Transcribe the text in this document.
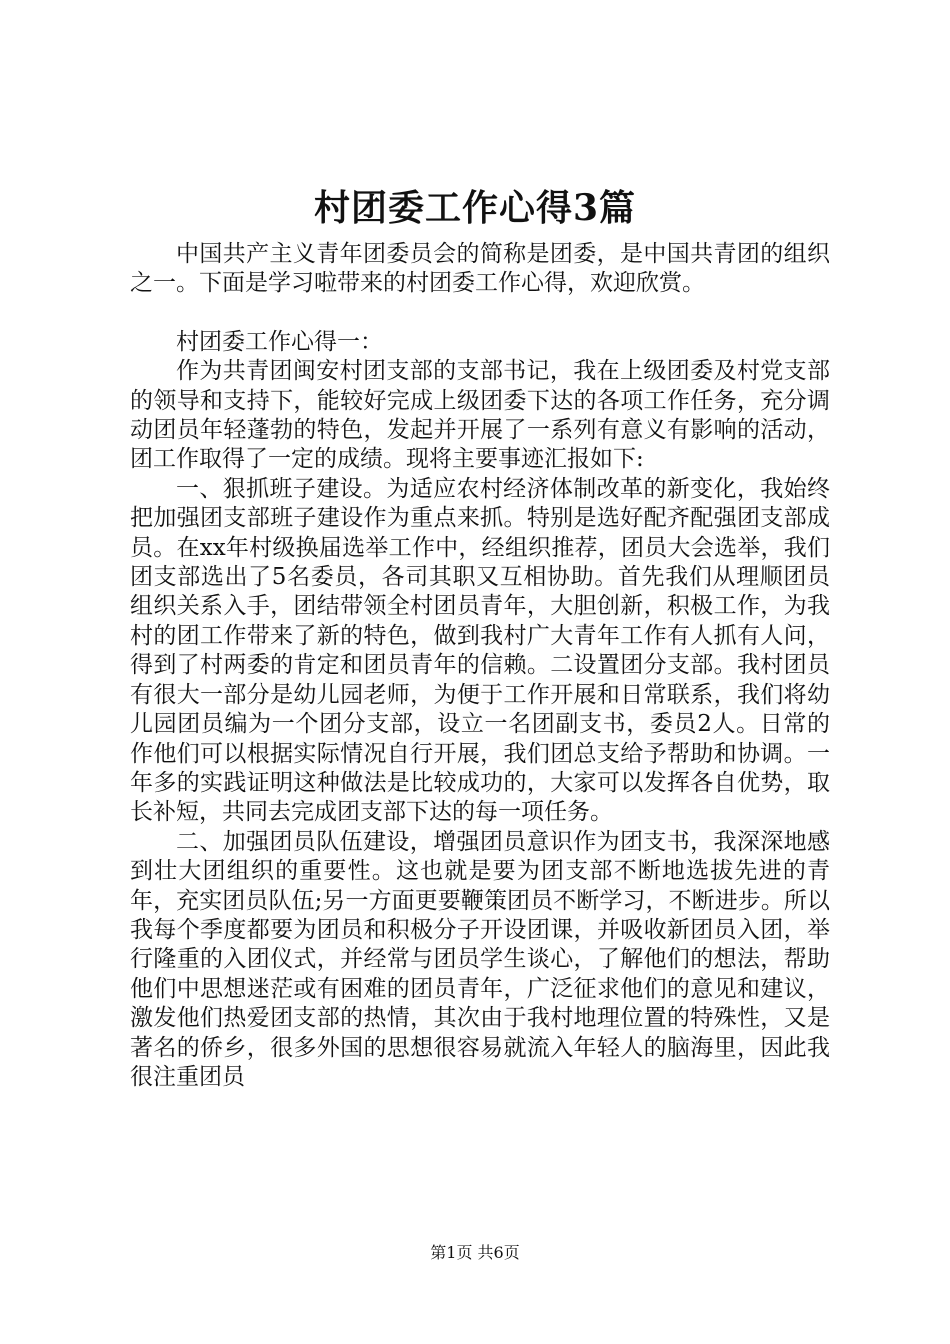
村团委工作心得3篇

中国共产主义青年团委员会的简称是团委，是中国共青团的组织之一。下面是学习啦带来的村团委工作心得，欢迎欣赏。

村团委工作心得一：

作为共青团闽安村团支部的支部书记，我在上级团委及村党支部的领导和支持下，能较好完成上级团委下达的各项工作任务，充分调动团员年轻蓬勃的特色，发起并开展了一系列有意义有影响的活动，团工作取得了一定的成绩。现将主要事迹汇报如下:

一、狠抓班子建设。为适应农村经济体制改革的新变化，我始终把加强团支部班子建设作为重点来抓。特别是选好配齐配强团支部成员。在xx年村级换届选举工作中，经组织推荐，团员大会选举，我们团支部选出了5名委员，各司其职又互相协助。首先我们从理顺团员组织关系入手，团结带领全村团员青年，大胆创新，积极工作，为我村的团工作带来了新的特色，做到我村广大青年工作有人抓有人问，得到了村两委的肯定和团员青年的信赖。二设置团分支部。我村团员有很大一部分是幼儿园老师，为便于工作开展和日常联系，我们将幼儿园团员编为一个团分支部，设立一名团副支书，委员2人。日常的作他们可以根据实际情况自行开展，我们团总支给予帮助和协调。一年多的实践证明这种做法是比较成功的，大家可以发挥各自优势，取长补短，共同去完成团支部下达的每一项任务。

二、加强团员队伍建设，增强团员意识作为团支书，我深深地感到壮大团组织的重要性。这也就是要为团支部不断地选拔先进的青年，充实团员队伍;另一方面更要鞭策团员不断学习，不断进步。所以我每个季度都要为团员和积极分子开设团课，并吸收新团员入团，举行隆重的入团仪式，并经常与团员学生谈心，了解他们的想法，帮助他们中思想迷茫或有困难的团员青年，广泛征求他们的意见和建议，激发他们热爱团支部的热情，其次由于我村地理位置的特殊性，又是著名的侨乡，很多外国的思想很容易就流入年轻人的脑海里，因此我很注重团员

第1页 共6页
